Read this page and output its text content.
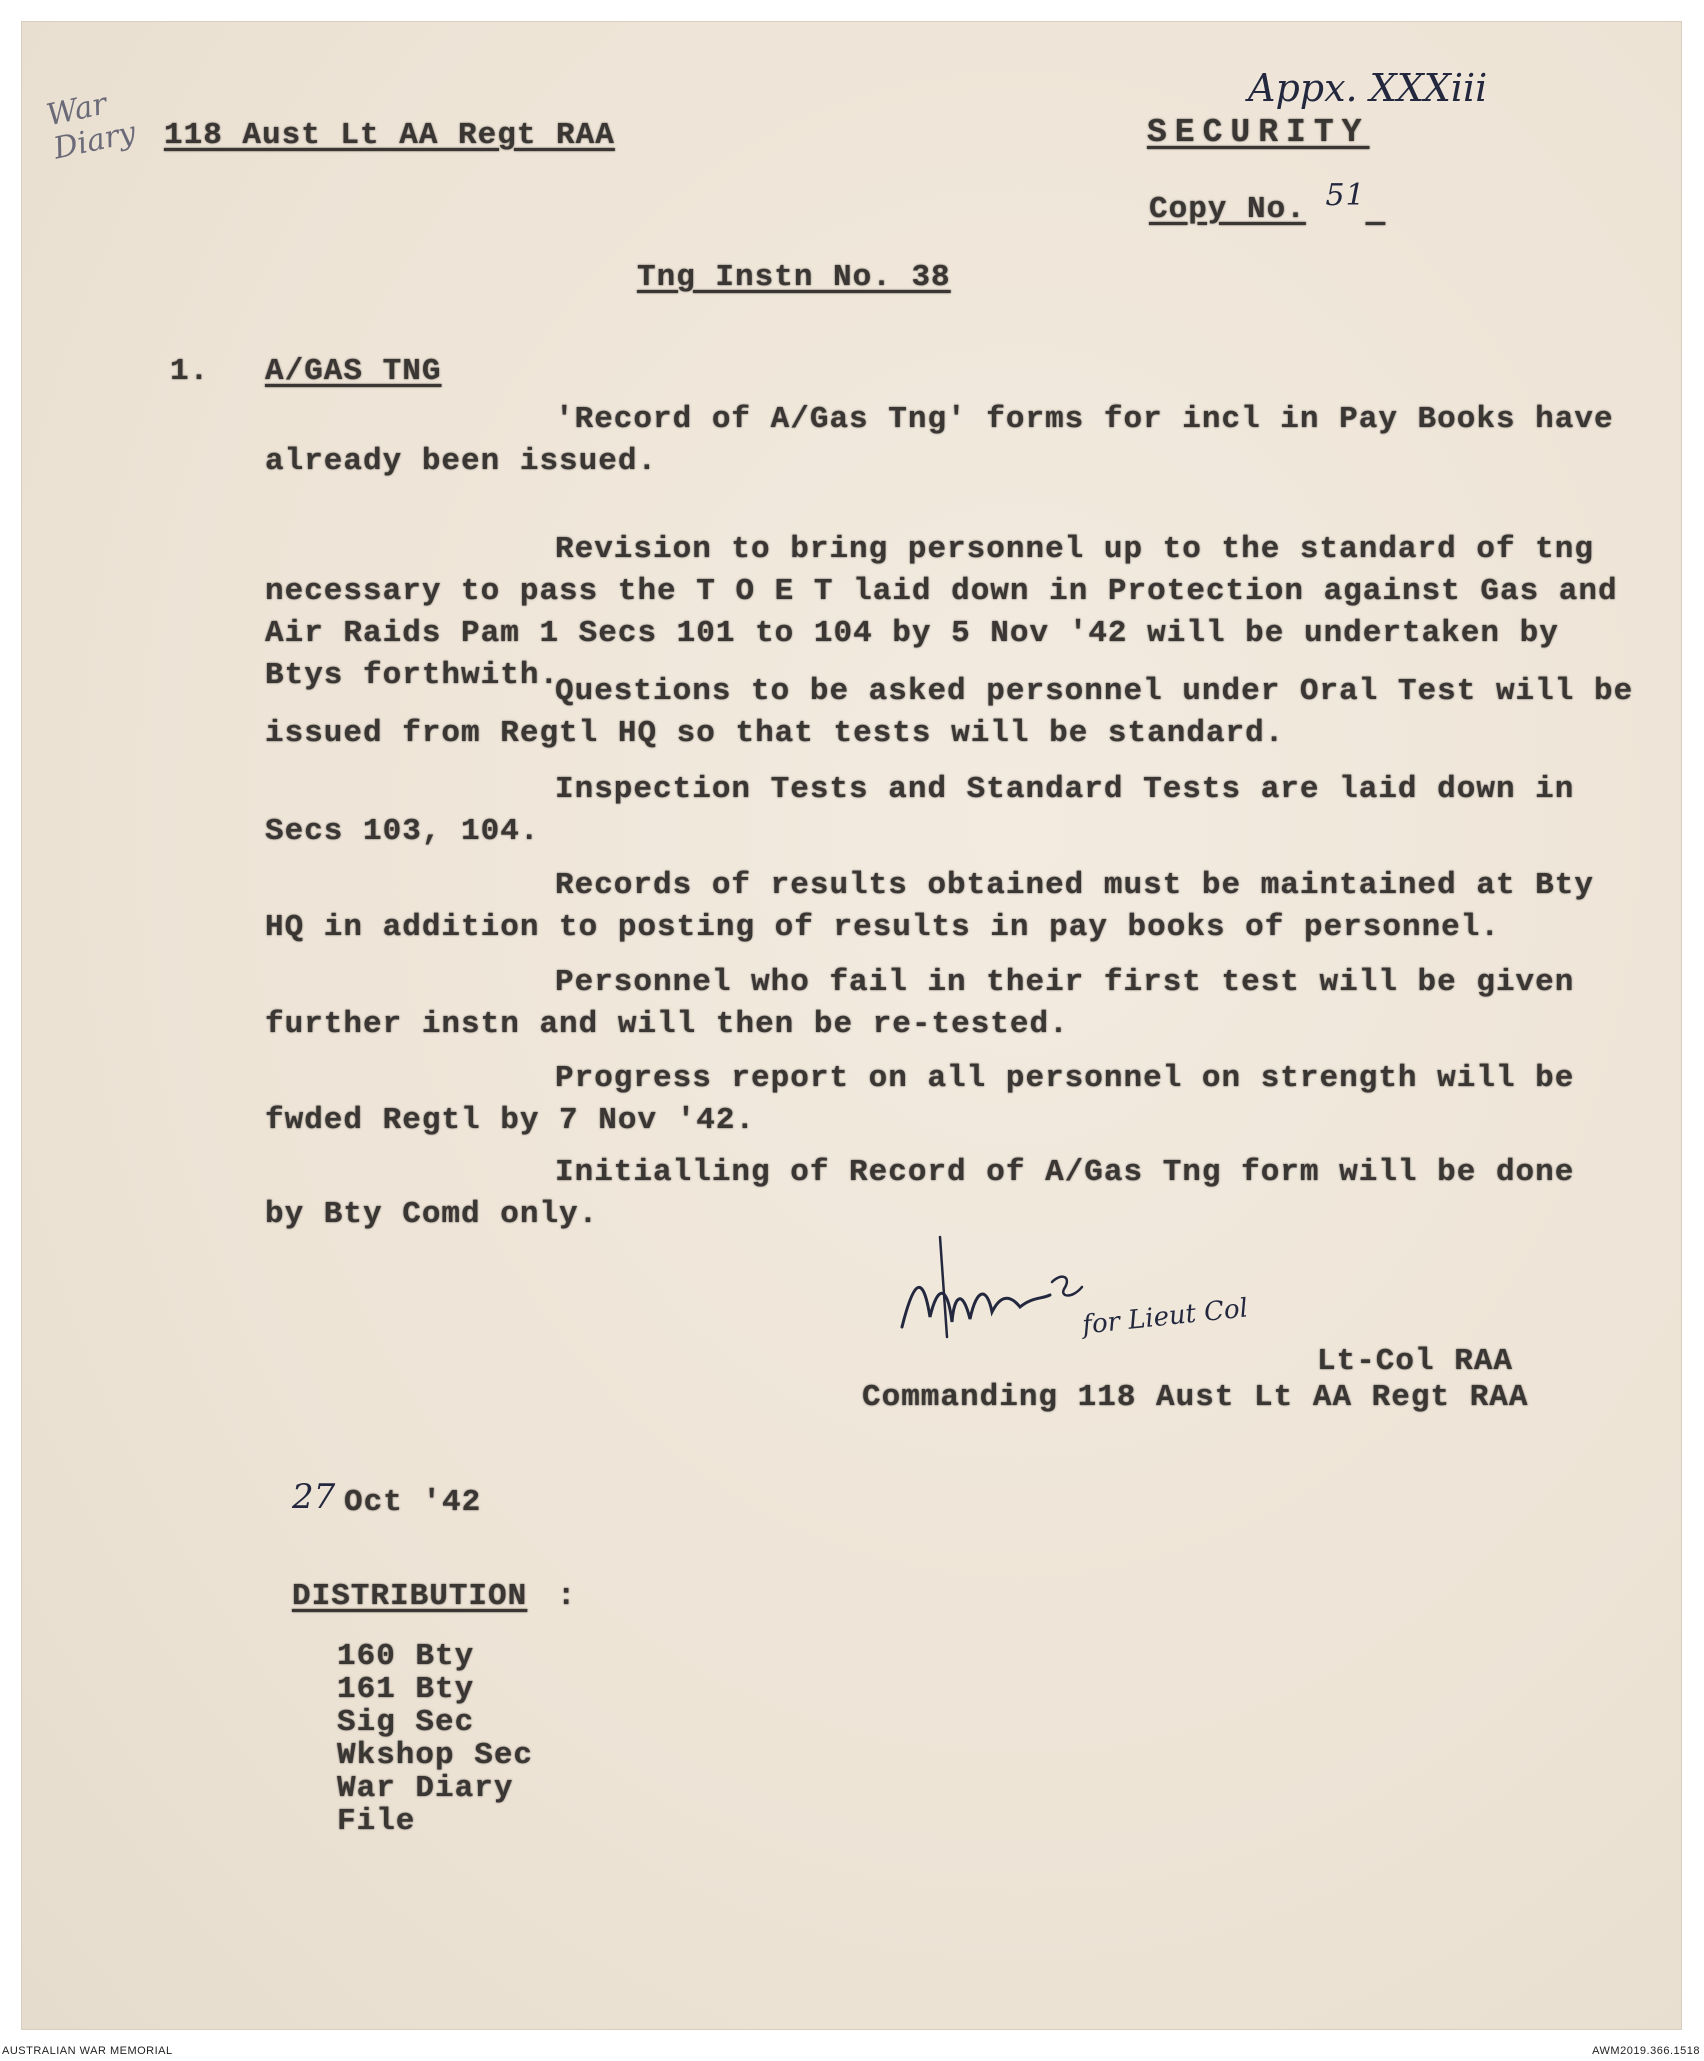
War Diary
Appx. XXXiii
118 Aust Lt AA Regt RAA	SECURITY
Copy No. 51
Tng Instn No. 38
1. A/GAS TNG
'Record of A/Gas Tng' forms for incl in Pay Books have
already been issued.
Revision to bring personnel up to the standard of tng
necessary to pass the T O E T laid down in Protection against Gas and
Air Raids Pam 1 Secs 101 to 104 by 5 Nov '42 will be undertaken by
Btys forthwith.
Questions to be asked personnel under Oral Test will be
issued from Regtl HQ so that tests will be standard.
Inspection Tests and Standard Tests are laid down in
Secs 103, 104.
Records of results obtained must be maintained at Bty
HQ in addition to posting of results in pay books of personnel.
Personnel who fail in their first test will be given
further instn and will then be re-tested.
Progress report on all personnel on strength will be
fwded Regtl by 7 Nov '42.
Initialling of Record of A/Gas Tng form will be done
by Bty Comd only.
for Lieut Col
Lt-Col RAA
Commanding 118 Aust Lt AA Regt RAA
27 Oct '42
DISTRIBUTION :
160 Bty
161 Bty
Sig Sec
Wkshop Sec
War Diary
File
AUSTRALIAN WAR MEMORIAL	AWM2019.366.1518
